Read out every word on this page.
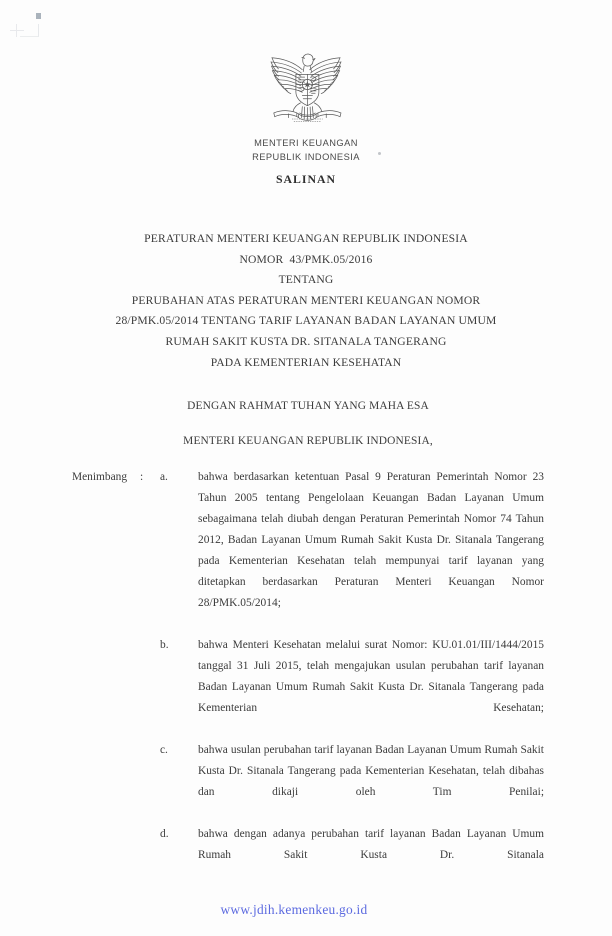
MENTERI KEUANGAN
REPUBLIK INDONESIA
SALINAN
PERATURAN MENTERI KEUANGAN REPUBLIK INDONESIA
NOMOR  43/PMK.05/2016
TENTANG
PERUBAHAN ATAS PERATURAN MENTERI KEUANGAN NOMOR
28/PMK.05/2014 TENTANG TARIF LAYANAN BADAN LAYANAN UMUM
RUMAH SAKIT KUSTA DR. SITANALA TANGERANG
PADA KEMENTERIAN KESEHATAN
DENGAN RAHMAT TUHAN YANG MAHA ESA
MENTERI KEUANGAN REPUBLIK INDONESIA,
Menimbang	:	a.	bahwa berdasarkan ketentuan Pasal 9 Peraturan Pemerintah Nomor 23 Tahun 2005 tentang Pengelolaan Keuangan Badan Layanan Umum sebagaimana telah diubah dengan Peraturan Pemerintah Nomor 74 Tahun 2012, Badan Layanan Umum Rumah Sakit Kusta Dr. Sitanala Tangerang pada Kementerian Kesehatan telah mempunyai tarif layanan yang ditetapkan berdasarkan Peraturan Menteri Keuangan Nomor 28/PMK.05/2014;
b.	bahwa Menteri Kesehatan melalui surat Nomor: KU.01.01/III/1444/2015 tanggal 31 Juli 2015, telah mengajukan usulan perubahan tarif layanan Badan Layanan Umum Rumah Sakit Kusta Dr. Sitanala Tangerang pada Kementerian Kesehatan;
c.	bahwa usulan perubahan tarif layanan Badan Layanan Umum Rumah Sakit Kusta Dr. Sitanala Tangerang pada Kementerian Kesehatan, telah dibahas dan dikaji oleh Tim Penilai;
d.	bahwa dengan adanya perubahan tarif layanan Badan Layanan Umum Rumah Sakit Kusta Dr. Sitanala
www.jdih.kemenkeu.go.id
